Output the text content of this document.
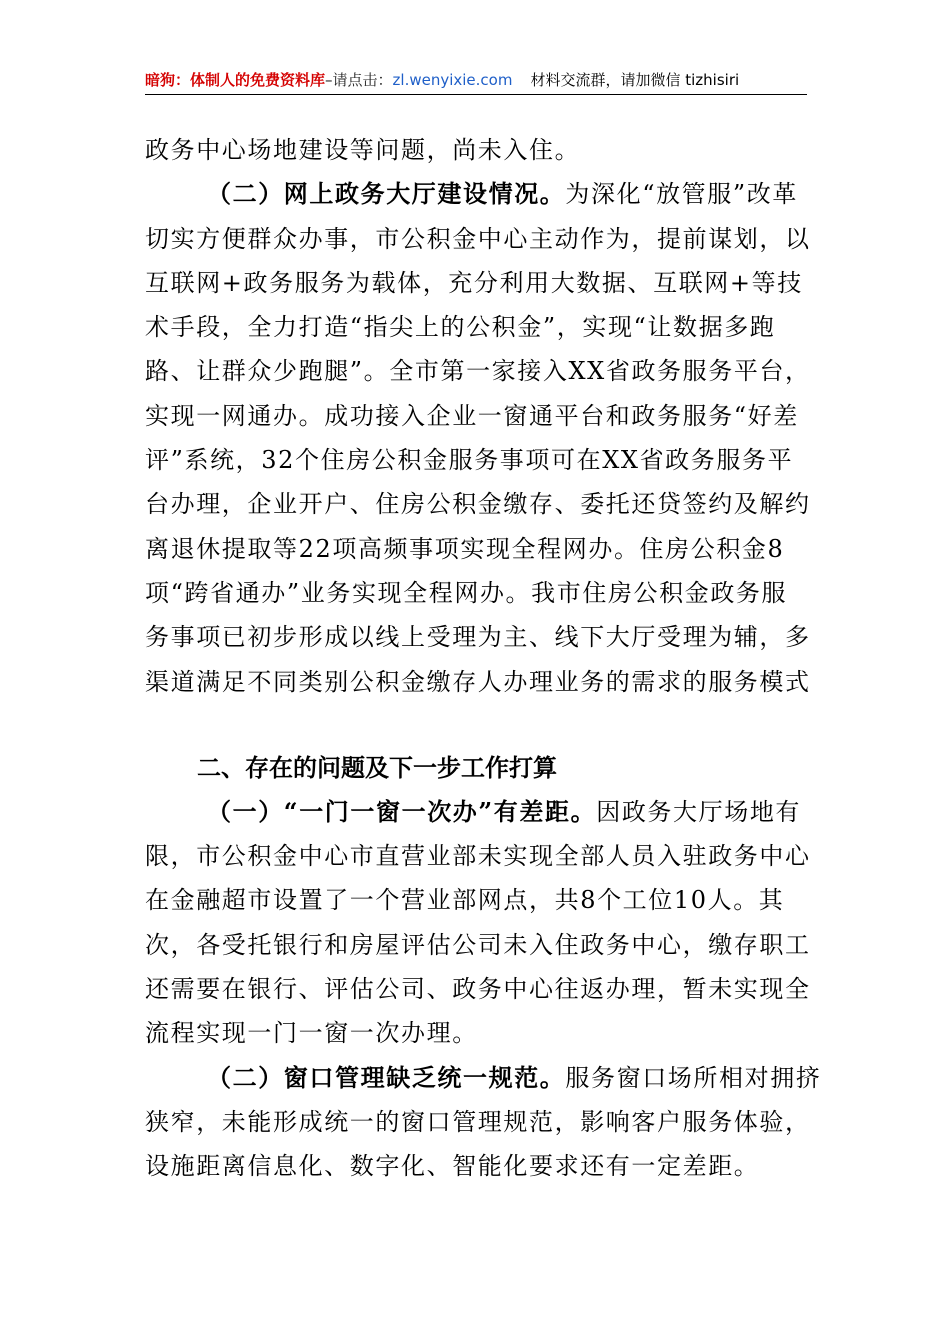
暗狗：体制人的免费资料库–请点击：zl.wenyixie.com 材料交流群，请加微信 tizhisiri
政务中心场地建设等问题，尚未入住。
（二）网上政务大厅建设情况。为深化“放管服”改革
切实方便群众办事，市公积金中心主动作为，提前谋划，以
互联网+政务服务为载体，充分利用大数据、互联网+等技
术手段，全力打造“指尖上的公积金”，实现“让数据多跑
路、让群众少跑腿”。全市第一家接入XX省政务服务平台，
实现一网通办。成功接入企业一窗通平台和政务服务“好差
评”系统，32个住房公积金服务事项可在XX省政务服务平
台办理，企业开户、住房公积金缴存、委托还贷签约及解约
离退休提取等22项高频事项实现全程网办。住房公积金8
项“跨省通办”业务实现全程网办。我市住房公积金政务服
务事项已初步形成以线上受理为主、线下大厅受理为辅，多
渠道满足不同类别公积金缴存人办理业务的需求的服务模式
二、存在的问题及下一步工作打算
（一）“一门一窗一次办”有差距。因政务大厅场地有
限，市公积金中心市直营业部未实现全部人员入驻政务中心
在金融超市设置了一个营业部网点，共8个工位10人。其
次，各受托银行和房屋评估公司未入住政务中心，缴存职工
还需要在银行、评估公司、政务中心往返办理，暂未实现全
流程实现一门一窗一次办理。
（二）窗口管理缺乏统一规范。服务窗口场所相对拥挤
狭窄，未能形成统一的窗口管理规范，影响客户服务体验，
设施距离信息化、数字化、智能化要求还有一定差距。
